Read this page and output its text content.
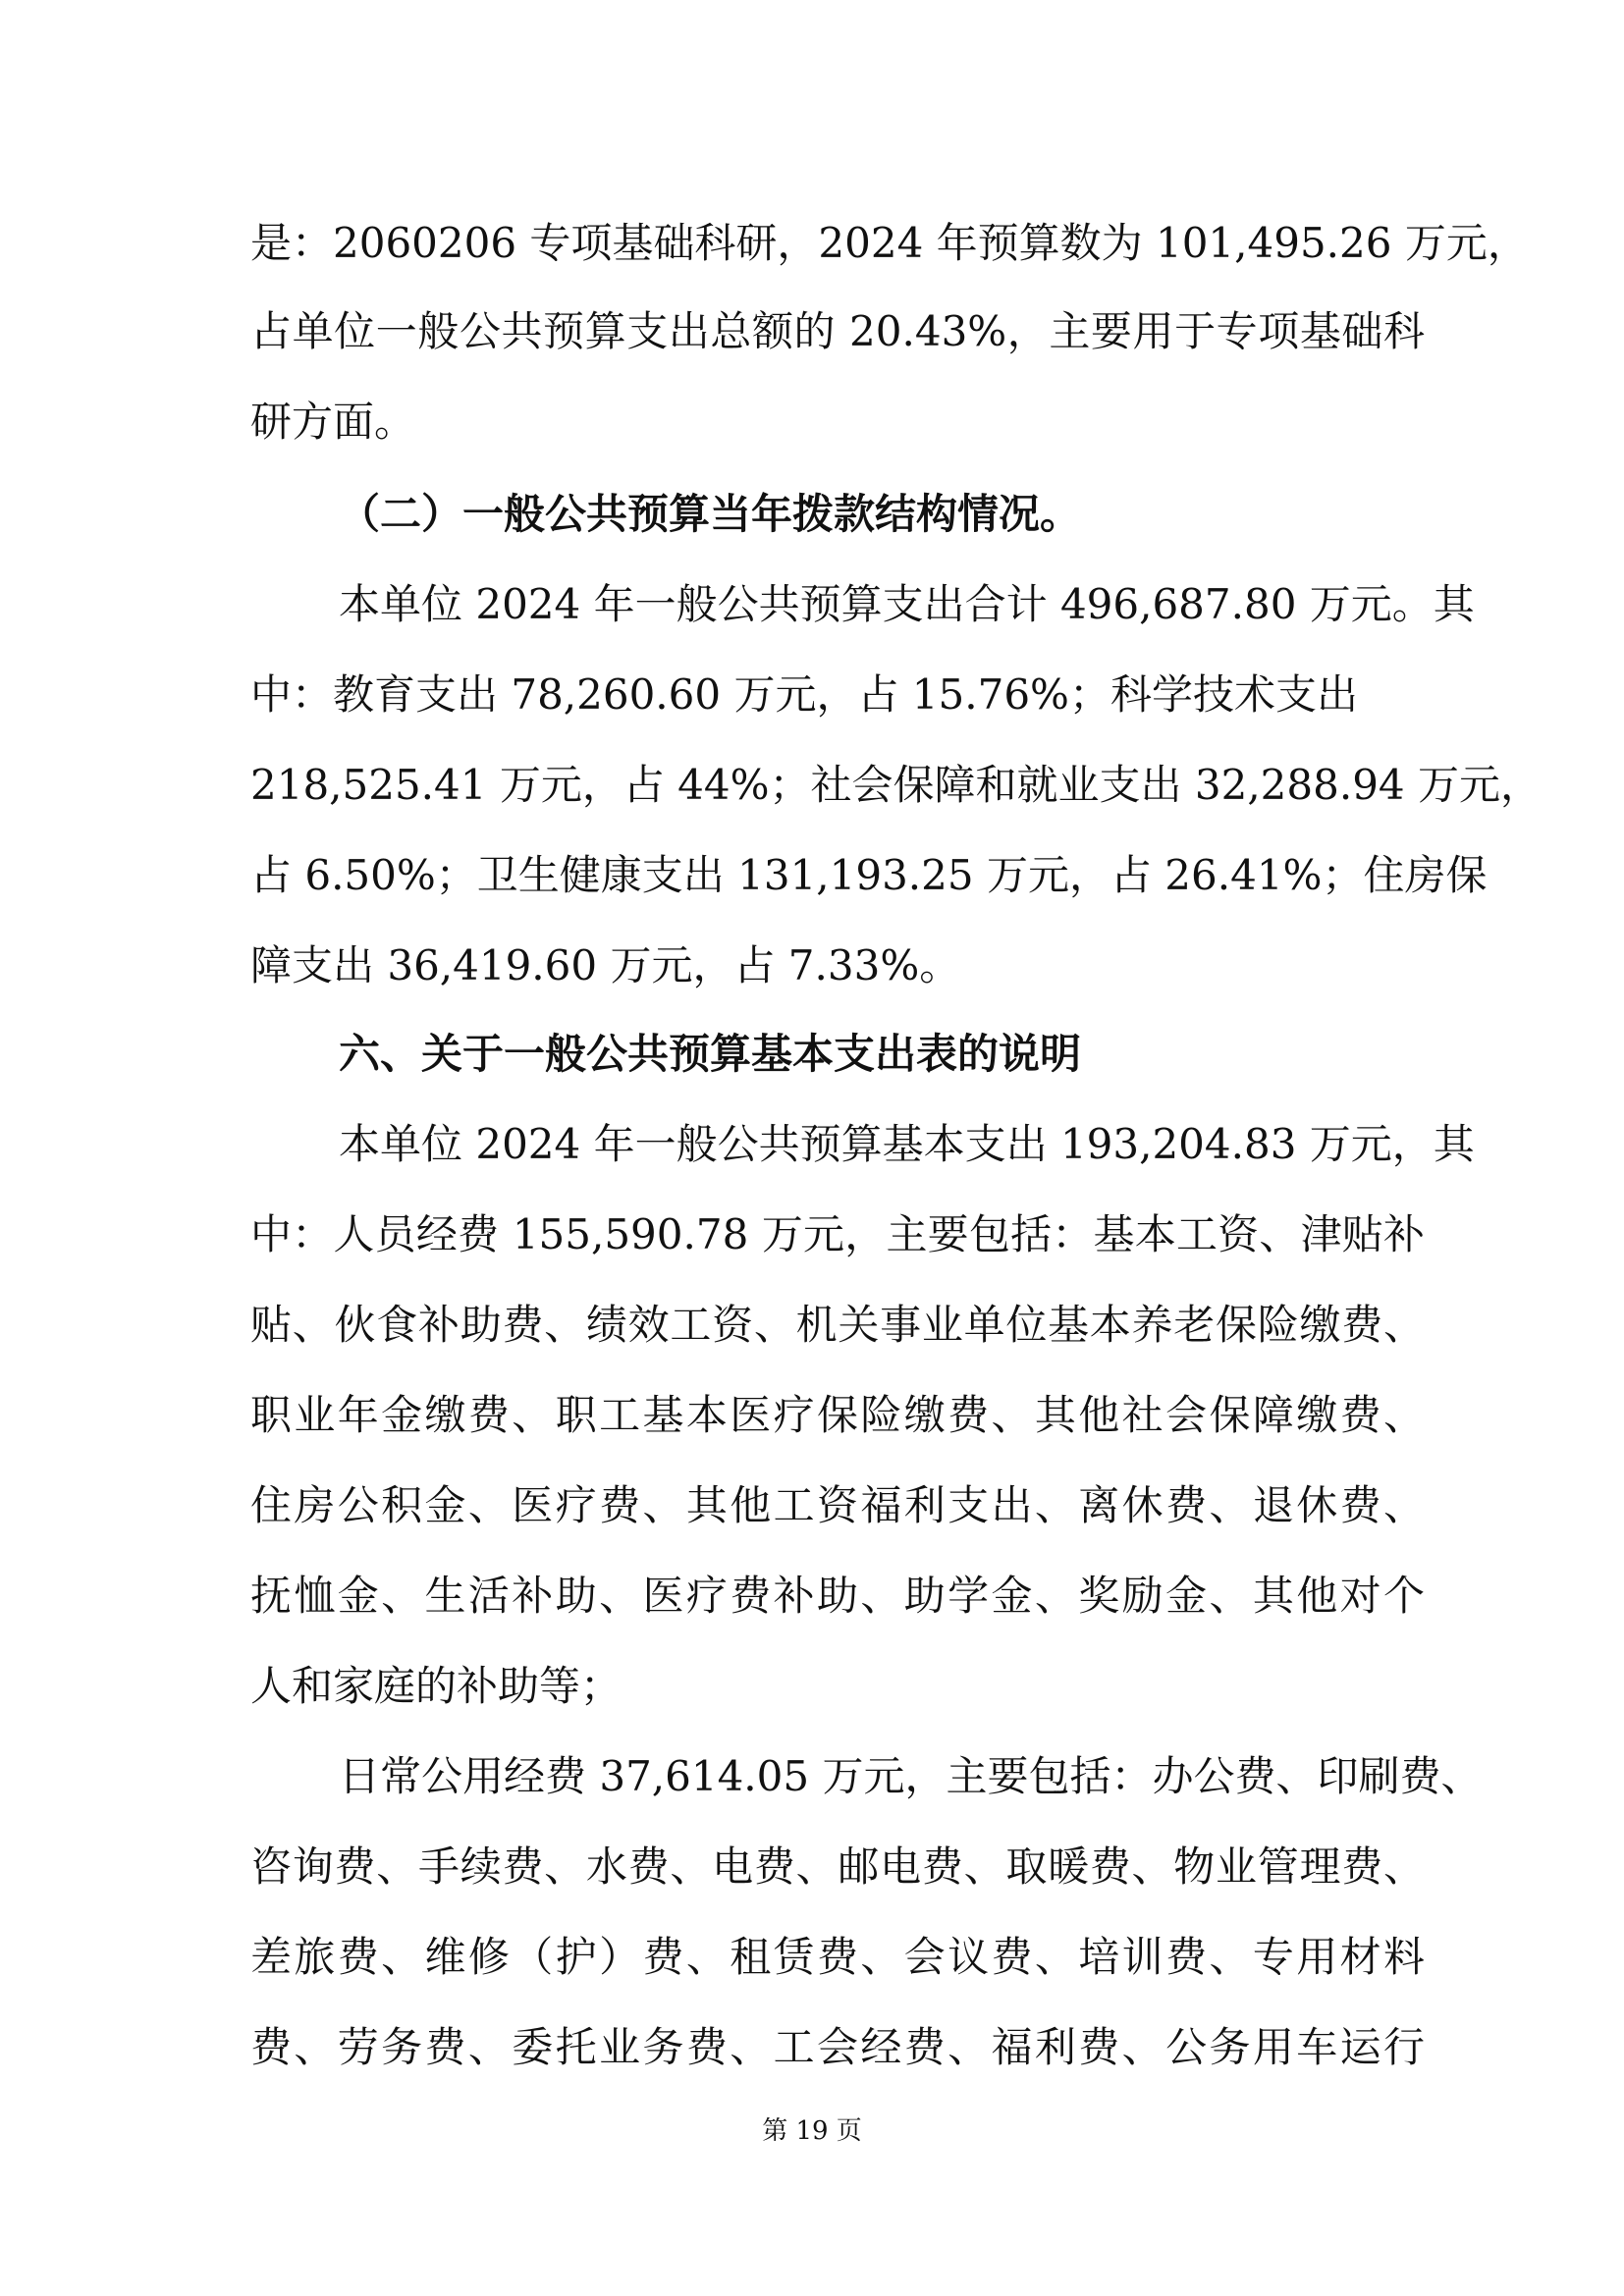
是：2060206 专项基础科研，2024 年预算数为 101,495.26 万元，
占单位一般公共预算支出总额的 20.43%，主要用于专项基础科
研方面。
（二）一般公共预算当年拨款结构情况。
本单位 2024 年一般公共预算支出合计 496,687.80 万元。其
中：教育支出 78,260.60 万元，占 15.76%；科学技术支出
218,525.41 万元，占 44%；社会保障和就业支出 32,288.94 万元，
占 6.50%；卫生健康支出 131,193.25 万元，占 26.41%；住房保
障支出 36,419.60 万元，占 7.33%。
六、关于一般公共预算基本支出表的说明
本单位 2024 年一般公共预算基本支出 193,204.83 万元，其
中：人员经费 155,590.78 万元，主要包括：基本工资、津贴补
贴、伙食补助费、绩效工资、机关事业单位基本养老保险缴费、
职业年金缴费、职工基本医疗保险缴费、其他社会保障缴费、
住房公积金、医疗费、其他工资福利支出、离休费、退休费、
抚恤金、生活补助、医疗费补助、助学金、奖励金、其他对个
人和家庭的补助等；
日常公用经费 37,614.05 万元，主要包括：办公费、印刷费、
咨询费、手续费、水费、电费、邮电费、取暖费、物业管理费、
差旅费、维修（护）费、租赁费、会议费、培训费、专用材料
费、劳务费、委托业务费、工会经费、福利费、公务用车运行
第 19 页
